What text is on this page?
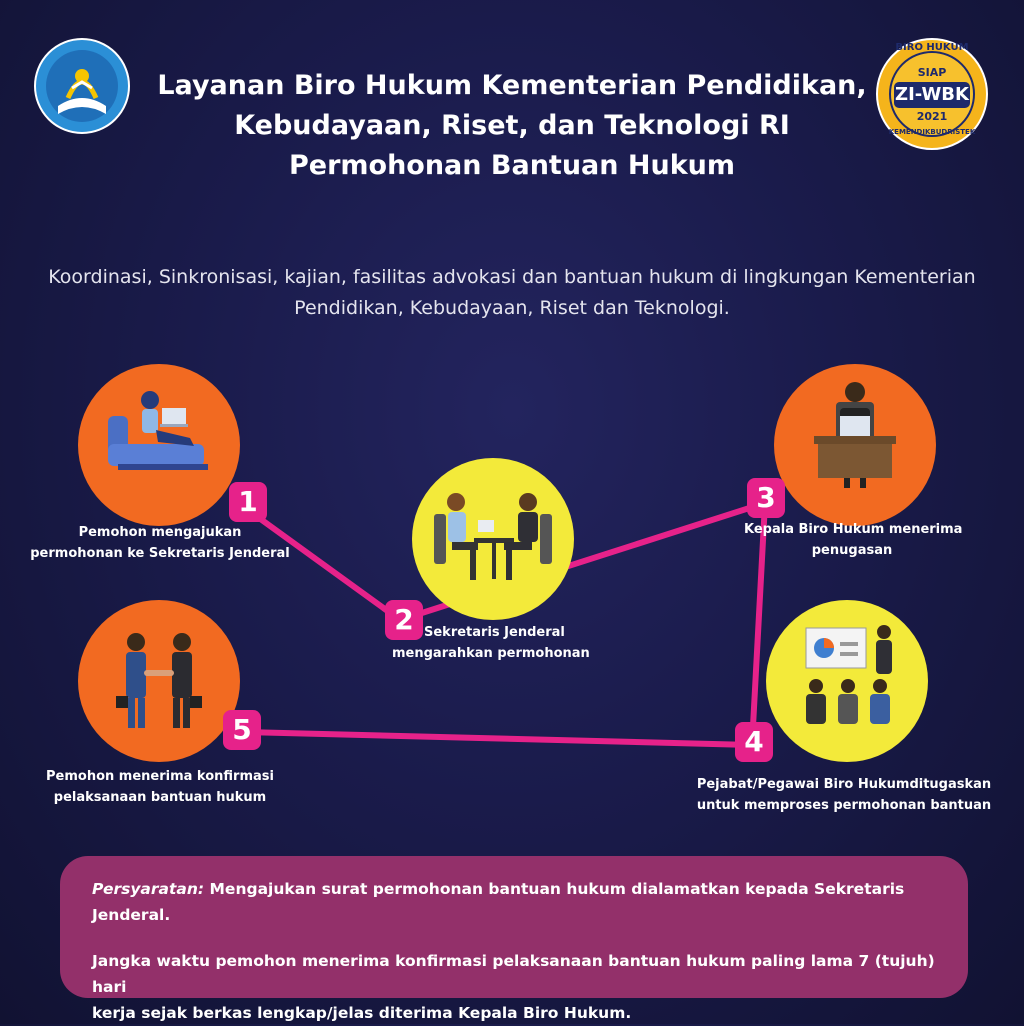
BIRO HUKUM
SIAP
ZI-WBK
2021
KEMENDIKBUDRISTEK
Layanan Biro Hukum Kementerian Pendidikan,
Kebudayaan, Riset, dan Teknologi RI
Permohonan Bantuan Hukum
Koordinasi, Sinkronisasi, kajian, fasilitas advokasi dan bantuan hukum di lingkungan Kementerian
Pendidikan, Kebudayaan, Riset dan Teknologi.
1
2
3
4
5
Pemohon mengajukan
permohonan ke Sekretaris Jenderal
Sekretaris Jenderal
mengarahkan permohonan
Kepala Biro Hukum menerima
penugasan
Pejabat/Pegawai Biro Hukumditugaskan
untuk memproses permohonan bantuan
Pemohon menerima konfirmasi
pelaksanaan bantuan hukum
Persyaratan: Mengajukan surat permohonan bantuan hukum dialamatkan kepada Sekretaris Jenderal.
Jangka waktu pemohon menerima konfirmasi pelaksanaan bantuan hukum paling lama 7 (tujuh) hari
kerja sejak berkas lengkap/jelas diterima Kepala Biro Hukum.
